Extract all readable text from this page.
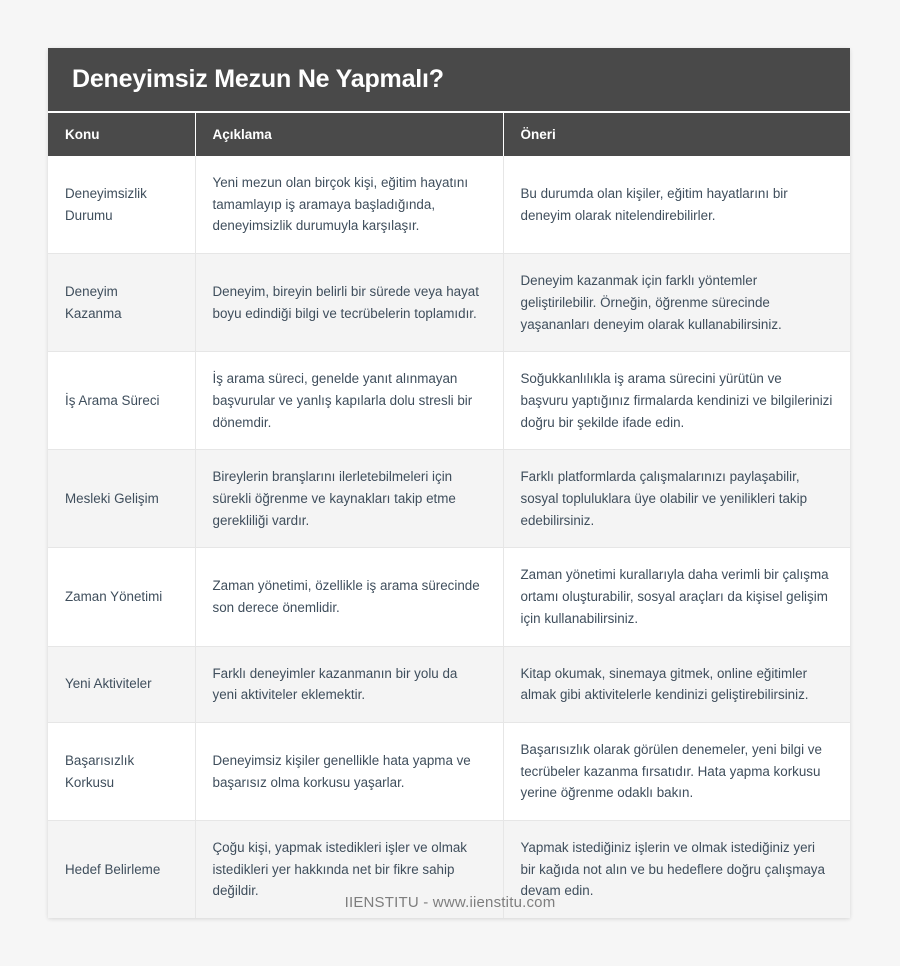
Deneyimsiz Mezun Ne Yapmalı?
Konu	Açıklama	Öneri
Deneyimsizlik Durumu	Yeni mezun olan birçok kişi, eğitim hayatını tamamlayıp iş aramaya başladığında, deneyimsizlik durumuyla karşılaşır.	Bu durumda olan kişiler, eğitim hayatlarını bir deneyim olarak nitelendirebilirler.
Deneyim Kazanma	Deneyim, bireyin belirli bir sürede veya hayat boyu edindiği bilgi ve tecrübelerin toplamıdır.	Deneyim kazanmak için farklı yöntemler geliştirilebilir. Örneğin, öğrenme sürecinde yaşananları deneyim olarak kullanabilirsiniz.
İş Arama Süreci	İş arama süreci, genelde yanıt alınmayan başvurular ve yanlış kapılarla dolu stresli bir dönemdir.	Soğukkanlılıkla iş arama sürecini yürütün ve başvuru yaptığınız firmalarda kendinizi ve bilgilerinizi doğru bir şekilde ifade edin.
Mesleki Gelişim	Bireylerin branşlarını ilerletebilmeleri için sürekli öğrenme ve kaynakları takip etme gerekliliği vardır.	Farklı platformlarda çalışmalarınızı paylaşabilir, sosyal topluluklara üye olabilir ve yenilikleri takip edebilirsiniz.
Zaman Yönetimi	Zaman yönetimi, özellikle iş arama sürecinde son derece önemlidir.	Zaman yönetimi kurallarıyla daha verimli bir çalışma ortamı oluşturabilir, sosyal araçları da kişisel gelişim için kullanabilirsiniz.
Yeni Aktiviteler	Farklı deneyimler kazanmanın bir yolu da yeni aktiviteler eklemektir.	Kitap okumak, sinemaya gitmek, online eğitimler almak gibi aktivitelerle kendinizi geliştirebilirsiniz.
Başarısızlık Korkusu	Deneyimsiz kişiler genellikle hata yapma ve başarısız olma korkusu yaşarlar.	Başarısızlık olarak görülen denemeler, yeni bilgi ve tecrübeler kazanma fırsatıdır. Hata yapma korkusu yerine öğrenme odaklı bakın.
Hedef Belirleme	Çoğu kişi, yapmak istedikleri işler ve olmak istedikleri yer hakkında net bir fikre sahip değildir.	Yapmak istediğiniz işlerin ve olmak istediğiniz yeri bir kağıda not alın ve bu hedeflere doğru çalışmaya devam edin.
IIENSTITU - www.iienstitu.com
